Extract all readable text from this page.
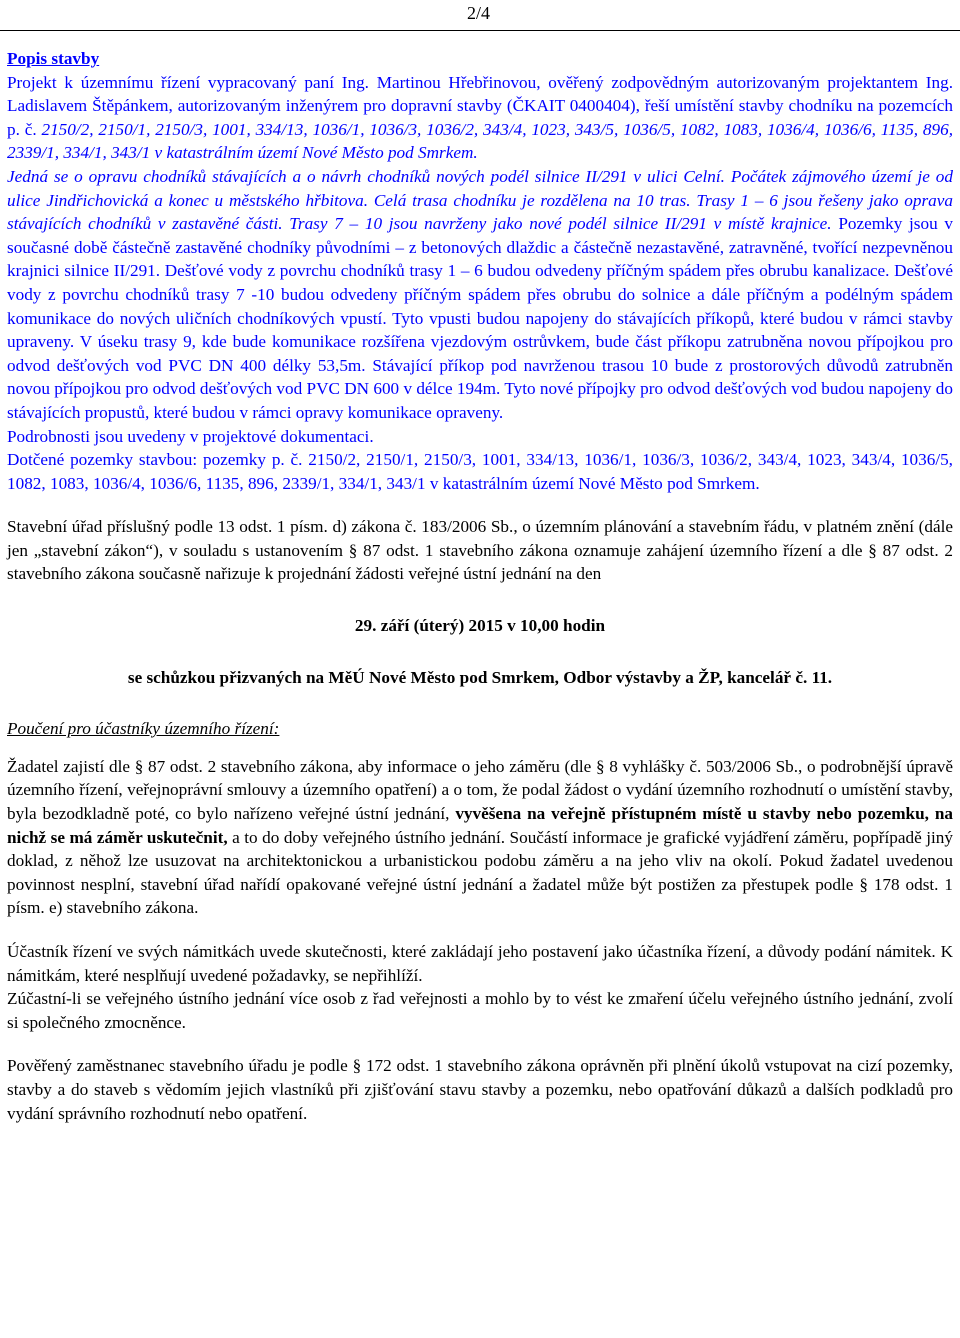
2/4

Popis stavby

Projekt k územnímu řízení vypracovaný paní Ing. Martinou Hřebřinovou, ověřený zodpovědným autorizovaným projektantem Ing. Ladislavem Štěpánkem, autorizovaným inženýrem pro dopravní stavby (ČKAIT 0400404), řeší umístění stavby chodníku na pozemcích p. č. 2150/2, 2150/1, 2150/3, 1001, 334/13, 1036/1, 1036/3, 1036/2, 343/4, 1023, 343/5, 1036/5, 1082, 1083, 1036/4, 1036/6, 1135, 896, 2339/1, 334/1, 343/1 v katastrálním území Nové Město pod Smrkem.

Jedná se o opravu chodníků stávajících a o návrh chodníků nových podél silnice II/291 v ulici Celní. Počátek zájmového území je od ulice Jindřichovická a konec u městského hřbitova. Celá trasa chodníku je rozdělena na 10 tras. Trasy 1 – 6 jsou řešeny jako oprava stávajících chodníků v zastavěné části. Trasy 7 – 10 jsou navrženy jako nové podél silnice II/291 v místě krajnice. Pozemky jsou v současné době částečně zastavěné chodníky původními – z betonových dlaždic a částečně nezastavěné, zatravněné, tvořící nezpevněnou krajnici silnice II/291. Dešťové vody z povrchu chodníků trasy 1 – 6 budou odvedeny příčným spádem přes obrubu kanalizace. Dešťové vody z povrchu chodníků trasy 7 -10 budou odvedeny příčným spádem přes obrubu do solnice a dále příčným a podélným spádem komunikace do nových uličních chodníkových vpustí. Tyto vpusti budou napojeny do stávajících příkopů, které budou v rámci stavby upraveny. V úseku trasy 9, kde bude komunikace rozšířena vjezdovým ostrůvkem, bude část příkopu zatrubněna novou přípojkou pro odvod dešťových vod PVC DN 400 délky 53,5m. Stávající příkop pod navrženou trasou 10 bude z prostorových důvodů zatrubněn novou přípojkou pro odvod dešťových vod PVC DN 600 v délce 194m. Tyto nové přípojky pro odvod dešťových vod budou napojeny do stávajících propustů, které budou v rámci opravy komunikace opraveny.

Podrobnosti jsou uvedeny v projektové dokumentaci.

Dotčené pozemky stavbou: pozemky p. č. 2150/2, 2150/1, 2150/3, 1001, 334/13, 1036/1, 1036/3, 1036/2, 343/4, 1023, 343/4, 1036/5, 1082, 1083, 1036/4, 1036/6, 1135, 896, 2339/1, 334/1, 343/1 v katastrálním území Nové Město pod Smrkem.

Stavební úřad příslušný podle 13 odst. 1 písm. d) zákona č. 183/2006 Sb., o územním plánování a stavebním řádu, v platném znění (dále jen „stavební zákon“), v souladu s ustanovením § 87 odst. 1 stavebního zákona oznamuje zahájení územního řízení a dle § 87 odst. 2 stavebního zákona současně nařizuje k projednání žádosti veřejné ústní jednání na den

29. září (úterý) 2015 v 10,00 hodin

se schůzkou přizvaných na MěÚ Nové Město pod Smrkem, Odbor výstavby a ŽP, kancelář č. 11.

Poučení pro účastníky územního řízení:

Žadatel zajistí dle § 87 odst. 2 stavebního zákona, aby informace o jeho záměru (dle § 8 vyhlášky č. 503/2006 Sb., o podrobnější úpravě územního řízení, veřejnoprávní smlouvy a územního opatření) a o tom, že podal žádost o vydání územního rozhodnutí o umístění stavby, byla bezodkladně poté, co bylo nařízeno veřejné ústní jednání, vyvěšena na veřejně přístupném místě u stavby nebo pozemku, na nichž se má záměr uskutečnit, a to do doby veřejného ústního jednání. Součástí informace je grafické vyjádření záměru, popřípadě jiný doklad, z něhož lze usuzovat na architektonickou a urbanistickou podobu záměru a na jeho vliv na okolí. Pokud žadatel uvedenou povinnost nesplní, stavební úřad nařídí opakované veřejné ústní jednání a žadatel může být postižen za přestupek podle § 178 odst. 1 písm. e) stavebního zákona.

Účastník řízení ve svých námitkách uvede skutečnosti, které zakládají jeho postavení jako účastníka řízení, a důvody podání námitek. K námitkám, které nesplňují uvedené požadavky, se nepřihlíží.

Zúčastní-li se veřejného ústního jednání více osob z řad veřejnosti a mohlo by to vést ke zmaření účelu veřejného ústního jednání, zvolí si společného zmocněnce.

Pověřený zaměstnanec stavebního úřadu je podle § 172 odst. 1 stavebního zákona oprávněn při plnění úkolů vstupovat na cizí pozemky, stavby a do staveb s vědomím jejich vlastníků při zjišťování stavu stavby a pozemku, nebo opatřování důkazů a dalších podkladů pro vydání správního rozhodnutí nebo opatření.
